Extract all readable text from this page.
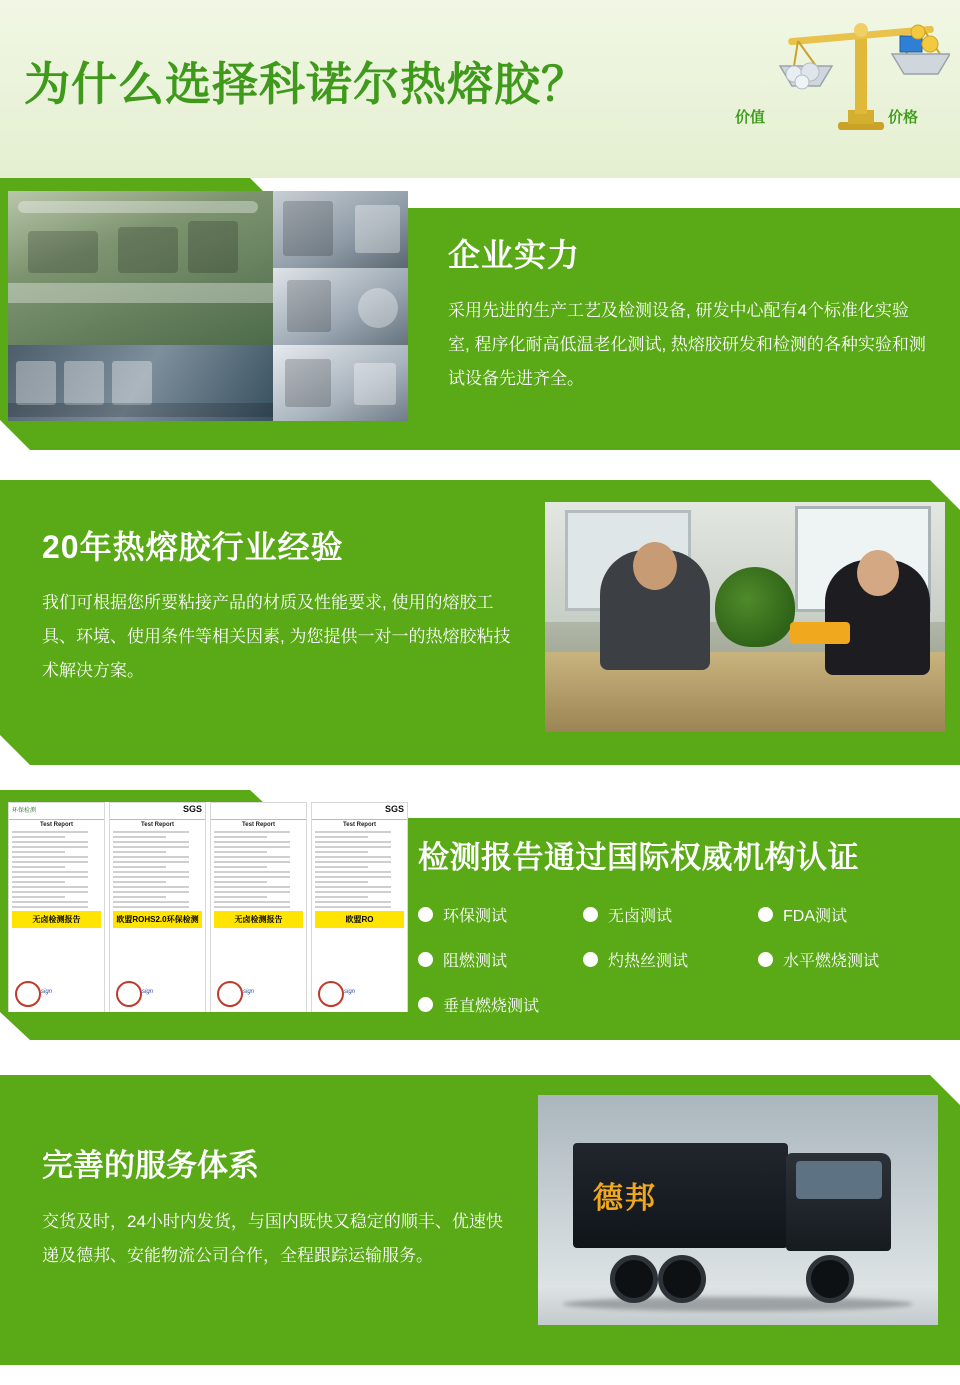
为什么选择科诺尔热熔胶？
价值	价格
企业实力

采用先进的生产工艺及检测设备, 研发中心配有4个标准化实验室, 程序化耐高低温老化测试, 热熔胶研发和检测的各种实验和测试设备先进齐全。

20年热熔胶行业经验

我们可根据您所要粘接产品的材质及性能要求, 使用的熔胶工具、环境、使用条件等相关因素, 为您提供一对一的热熔胶粘技术解决方案。

环保检测
Test Report
无卤检测报告
sign
SGS
Test Report
欧盟ROHS2.0环保检测
sign
Test Report
无卤检测报告
sign
SGS
Test Report
欧盟RO
sign
检测报告通过国际权威机构认证
环保测试	无卤测试	FDA测试
阻燃测试	灼热丝测试	水平燃烧测试
垂直燃烧测试
完善的服务体系

交货及时，24小时内发货，与国内既快又稳定的顺丰、优速快递及德邦、安能物流公司合作，全程跟踪运输服务。

德邦
